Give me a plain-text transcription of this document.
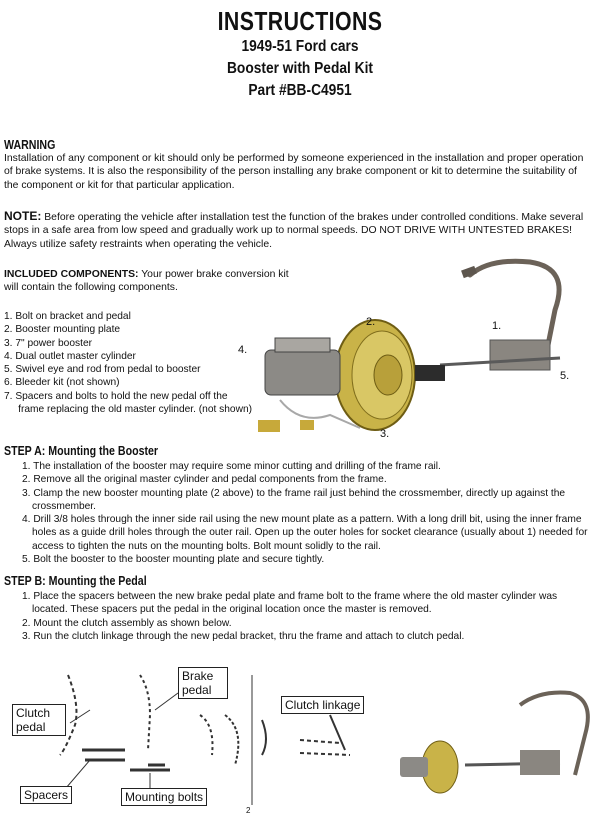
INSTRUCTIONS
1949-51 Ford cars
Booster with Pedal Kit
Part #BB-C4951
WARNING
Installation of any component or kit should only be performed by someone experienced in the installation and proper operation of brake systems. It is also the responsibility of the person installing any brake component or kit to determine the suitability of the component or kit for that particular application.
NOTE: Before operating the vehicle after installation test the function of the brakes under controlled conditions. Make several stops in a safe area from low speed and gradually work up to normal speeds. DO NOT DRIVE WITH UNTESTED BRAKES! Always utilize safety restraints when operating the vehicle.
INCLUDED COMPONENTS: Your power brake conversion kit will contain the following components.
1. Bolt on bracket and pedal
2. Booster mounting plate
3. 7" power booster
4. Dual outlet master cylinder
5. Swivel eye and rod from pedal to booster
6. Bleeder kit (not shown)
7. Spacers and bolts to hold the new pedal off the
frame replacing the old master cylinder. (not shown)
2.	1.
4.
5.
3.
STEP A: Mounting the Booster
1. The installation of the booster may require some minor cutting and drilling of the frame rail.
2. Remove all the original master cylinder and pedal components from the frame.
3. Clamp the new booster mounting plate (2 above) to the frame rail just behind the crossmember, directly up against the crossmember.
4. Drill 3/8 holes through the inner side rail using the new mount plate as a pattern. With a long drill bit, using the inner frame holes as a guide drill holes through the outer rail. Open up the outer holes for socket clearance (usually about 1) needed for access to tighten the nuts on the mounting bolts. Bolt mount solidly to the rail.
5. Bolt the booster to the booster mounting plate and secure tightly.
STEP B: Mounting the Pedal
1. Place the spacers between the new brake pedal plate and frame bolt to the frame where the old master cylinder was located. These spacers put the pedal in the original location once the master is removed.
2. Mount the clutch assembly as shown below.
3. Run the clutch linkage through the new pedal bracket, thru the frame and attach to clutch pedal.
Clutch pedal
Brake pedal
Clutch linkage
Spacers	Mounting bolts
2
